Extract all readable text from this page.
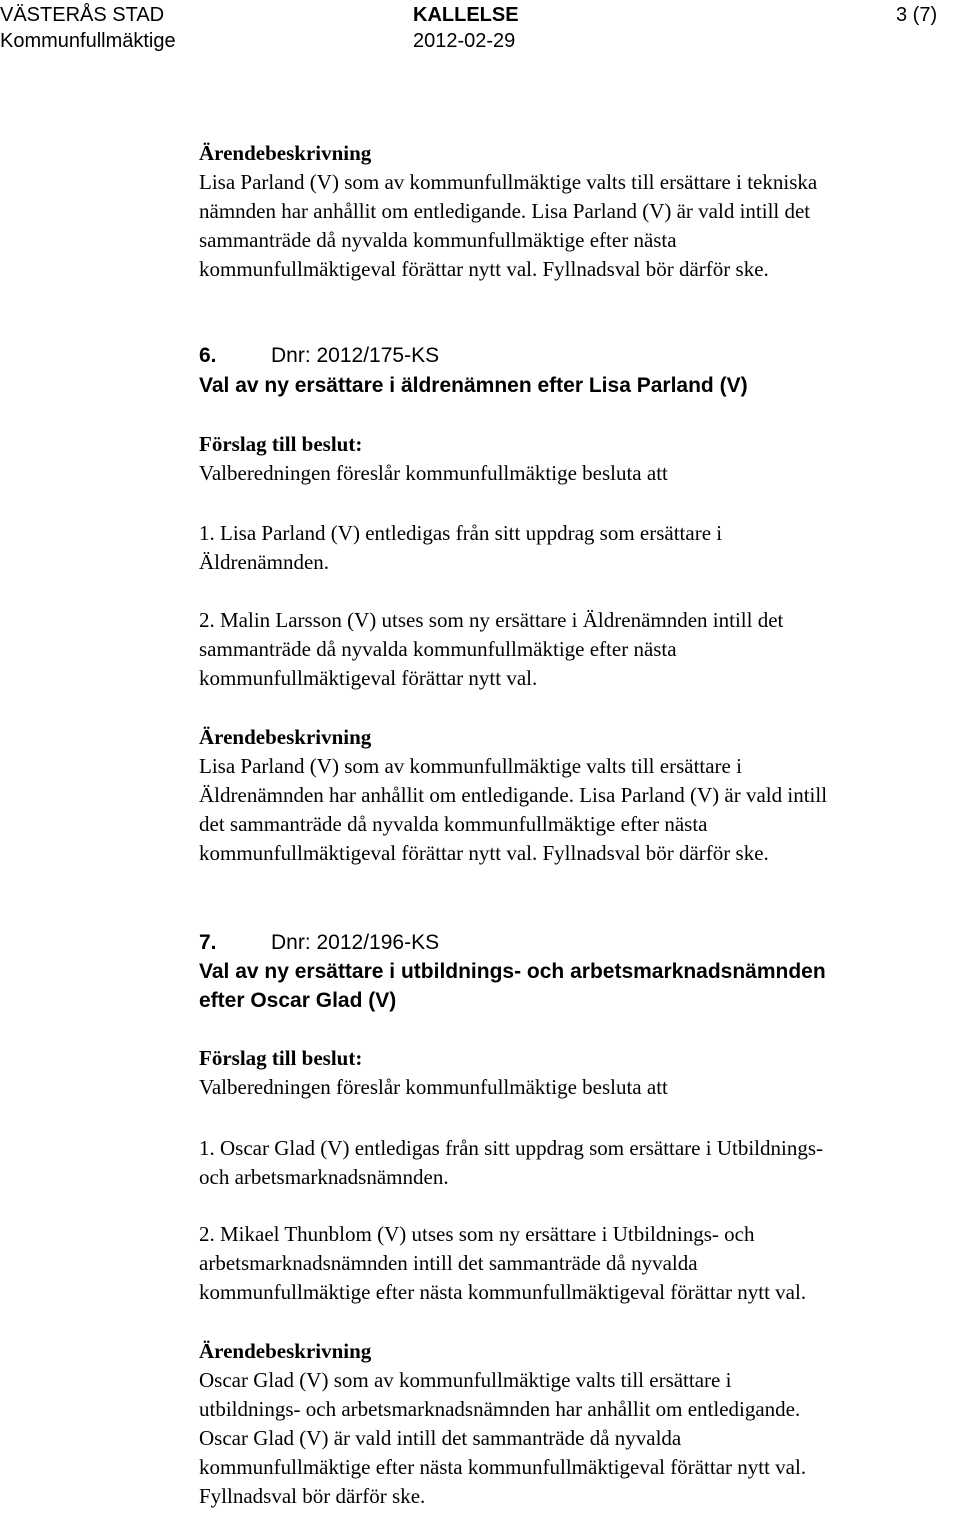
VÄSTERÅS STAD
Kommunfullmäktige
KALLELSE
2012-02-29
3 (7)
Ärendebeskrivning
Lisa Parland (V) som av kommunfullmäktige valts till ersättare i tekniska
nämnden har anhållit om entledigande. Lisa Parland (V) är vald intill det
sammanträde då nyvalda kommunfullmäktige efter nästa
kommunfullmäktigeval förättar nytt val. Fyllnadsval bör därför ske.
6.	Dnr: 2012/175-KS
Val av ny ersättare i äldrenämnen efter Lisa Parland (V)
Förslag till beslut:
Valberedningen föreslår kommunfullmäktige besluta att
1. Lisa Parland (V) entledigas från sitt uppdrag som ersättare i
Äldrenämnden.
2. Malin Larsson (V) utses som ny ersättare i Äldrenämnden intill det
sammanträde då nyvalda kommunfullmäktige efter nästa
kommunfullmäktigeval förättar nytt val.
Ärendebeskrivning
Lisa Parland (V) som av kommunfullmäktige valts till ersättare i
Äldrenämnden har anhållit om entledigande. Lisa Parland (V) är vald intill
det sammanträde då nyvalda kommunfullmäktige efter nästa
kommunfullmäktigeval förättar nytt val. Fyllnadsval bör därför ske.
7.	Dnr: 2012/196-KS
Val av ny ersättare i utbildnings- och arbetsmarknadsnämnden
efter Oscar Glad (V)
Förslag till beslut:
Valberedningen föreslår kommunfullmäktige besluta att
1. Oscar Glad (V) entledigas från sitt uppdrag som ersättare i Utbildnings-
och arbetsmarknadsnämnden.
2. Mikael Thunblom (V) utses som ny ersättare i Utbildnings- och
arbetsmarknadsnämnden intill det sammanträde då nyvalda
kommunfullmäktige efter nästa kommunfullmäktigeval förättar nytt val.
Ärendebeskrivning
Oscar Glad (V) som av kommunfullmäktige valts till ersättare i
utbildnings- och arbetsmarknadsnämnden har anhållit om entledigande.
Oscar Glad (V) är vald intill det sammanträde då nyvalda
kommunfullmäktige efter nästa kommunfullmäktigeval förättar nytt val.
Fyllnadsval bör därför ske.
